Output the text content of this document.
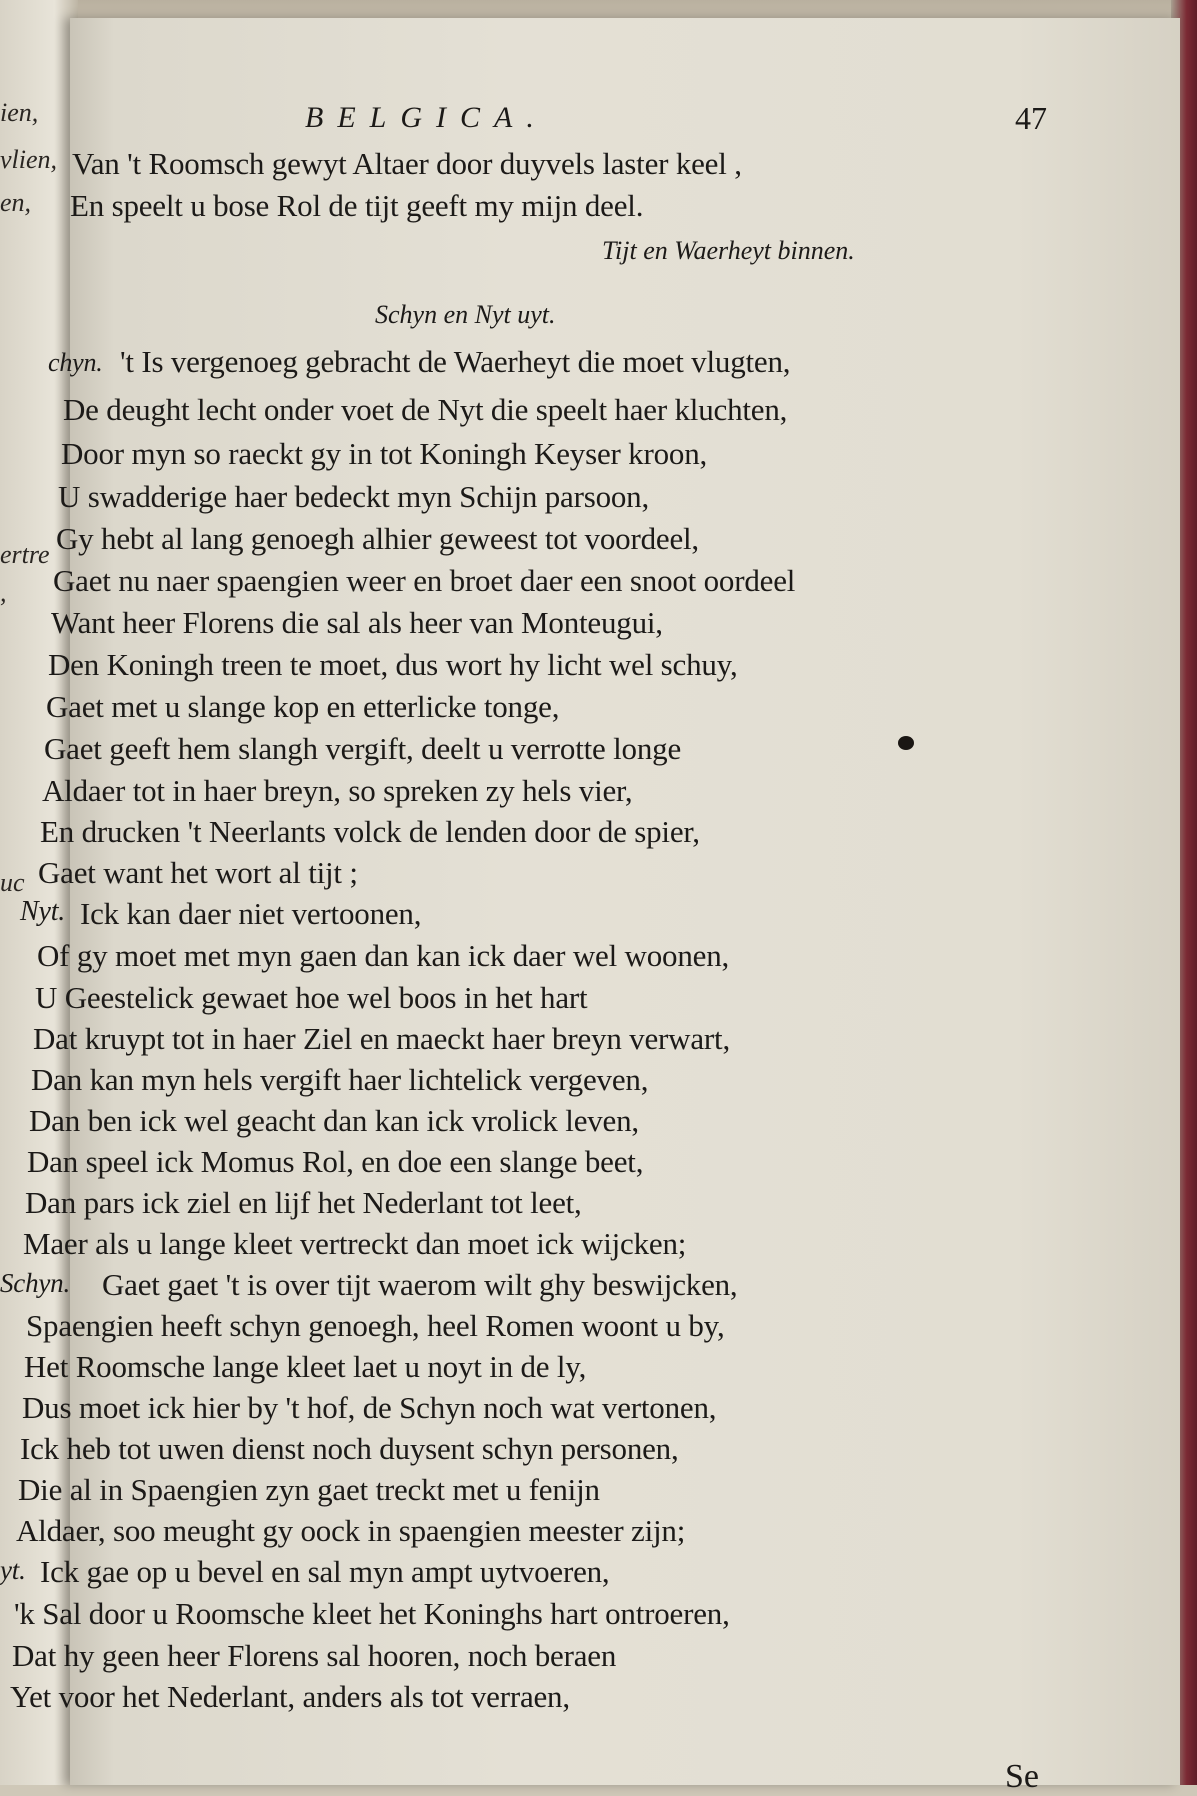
ien,
vlien,
en,
ertre
,
uc
BELGICA.	47
Van 't Roomsch gewyt Altaer door duyvels laster keel ,
En speelt u bose Rol de tijt geeft my mijn deel.
Tijt en Waerheyt binnen.
Schyn en Nyt uyt.
chyn. 't Is vergenoeg gebracht de Waerheyt die moet vlugten,
De deught lecht onder voet de Nyt die speelt haer kluchten,
Door myn so raeckt gy in tot Koningh Keyser kroon,
U swadderige haer bedeckt myn Schijn parsoon,
Gy hebt al lang genoegh alhier geweest tot voordeel,
Gaet nu naer spaengien weer en broet daer een snoot oordeel
Want heer Florens die sal als heer van Monteugui,
Den Koningh treen te moet, dus wort hy licht wel schuy,
Gaet met u slange kop en etterlicke tonge,
Gaet geeft hem slangh vergift, deelt u verrotte longe
Aldaer tot in haer breyn, so spreken zy hels vier,
En drucken 't Neerlants volck de lenden door de spier,
Gaet want het wort al tijt ;
Nyt. Ick kan daer niet vertoonen,
Of gy moet met myn gaen dan kan ick daer wel woonen,
U Geestelick gewaet hoe wel boos in het hart
Dat kruypt tot in haer Ziel en maeckt haer breyn verwart,
Dan kan myn hels vergift haer lichtelick vergeven,
Dan ben ick wel geacht dan kan ick vrolick leven,
Dan speel ick Momus Rol, en doe een slange beet,
Dan pars ick ziel en lijf het Nederlant tot leet,
Maer als u lange kleet vertreckt dan moet ick wijcken;
Schyn. Gaet gaet 't is over tijt waerom wilt ghy beswijcken,
Spaengien heeft schyn genoegh, heel Romen woont u by,
Het Roomsche lange kleet laet u noyt in de ly,
Dus moet ick hier by 't hof, de Schyn noch wat vertonen,
Ick heb tot uwen dienst noch duysent schyn personen,
Die al in Spaengien zyn gaet treckt met u fenijn
Aldaer, soo meught gy oock in spaengien meester zijn;
yt. Ick gae op u bevel en sal myn ampt uytvoeren,
'k Sal door u Roomsche kleet het Koninghs hart ontroeren,
Dat hy geen heer Florens sal hooren, noch beraen
Yet voor het Nederlant, anders als tot verraen,
Se
